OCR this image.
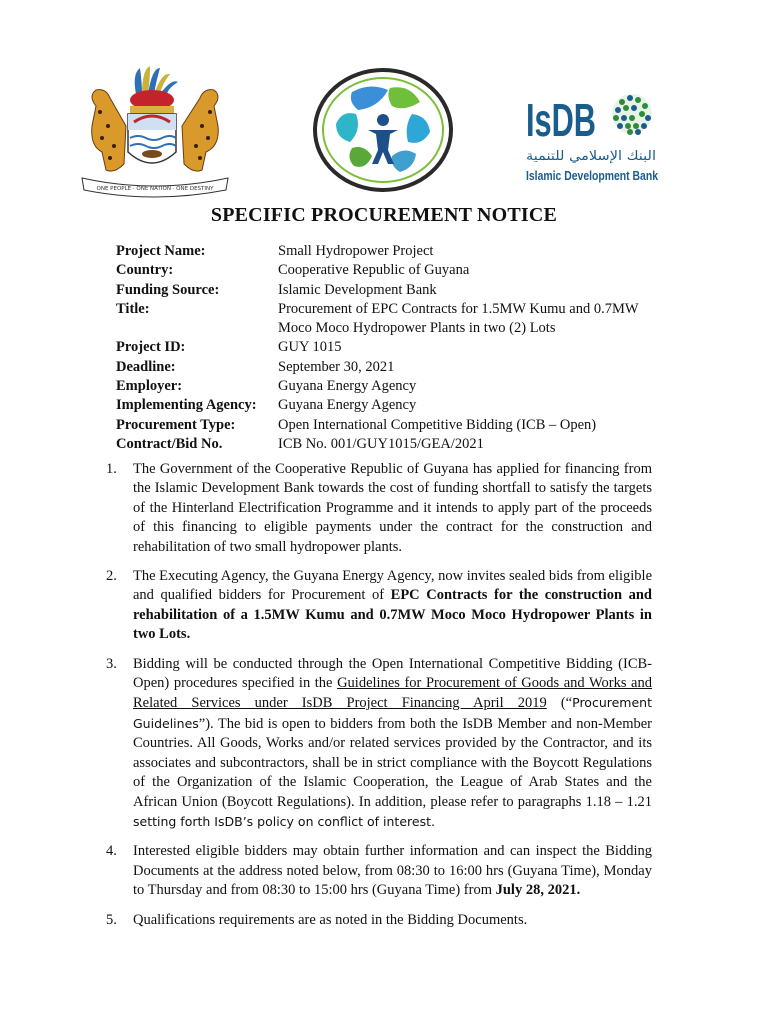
ONE PEOPLE · ONE NATION · ONE DESTINY
IsDB
البنك الإسلامي للتنمية
Islamic Development Bank
SPECIFIC PROCUREMENT NOTICE
Project Name:	Small Hydropower Project
Country:	Cooperative Republic of Guyana
Funding Source:	Islamic Development Bank
Title:	Procurement of EPC Contracts for 1.5MW Kumu and 0.7MW Moco Moco Hydropower Plants in two (2) Lots
Project ID:	GUY 1015
Deadline:	September 30, 2021
Employer:	Guyana Energy Agency
Implementing Agency:	Guyana Energy Agency
Procurement Type:	Open International Competitive Bidding (ICB – Open)
Contract/Bid No.	ICB No. 001/GUY1015/GEA/2021
1.	The Government of the Cooperative Republic of Guyana has applied for financing from the Islamic Development Bank towards the cost of funding shortfall to satisfy the targets of the Hinterland Electrification Programme and it intends to apply part of the proceeds of this financing to eligible payments under the contract for the construction and rehabilitation of two small hydropower plants.
2.	The Executing Agency, the Guyana Energy Agency, now invites sealed bids from eligible and qualified bidders for Procurement of EPC Contracts for the construction and rehabilitation of a 1.5MW Kumu and 0.7MW Moco Moco Hydropower Plants in two Lots.
3.	Bidding will be conducted through the Open International Competitive Bidding (ICB-Open) procedures specified in the Guidelines for Procurement of Goods and Works and Related Services under IsDB Project Financing April 2019 (“Procurement Guidelines”). The bid is open to bidders from both the IsDB Member and non-Member Countries. All Goods, Works and/or related services provided by the Contractor, and its associates and subcontractors, shall be in strict compliance with the Boycott Regulations of the Organization of the Islamic Cooperation, the League of Arab States and the African Union (Boycott Regulations). In addition, please refer to paragraphs 1.18 – 1.21 setting forth IsDB’s policy on conflict of interest.
4.	Interested eligible bidders may obtain further information and can inspect the Bidding Documents at the address noted below, from 08:30 to 16:00 hrs (Guyana Time), Monday to Thursday and from 08:30 to 15:00 hrs (Guyana Time) from July 28, 2021.
5.	Qualifications requirements are as noted in the Bidding Documents.
